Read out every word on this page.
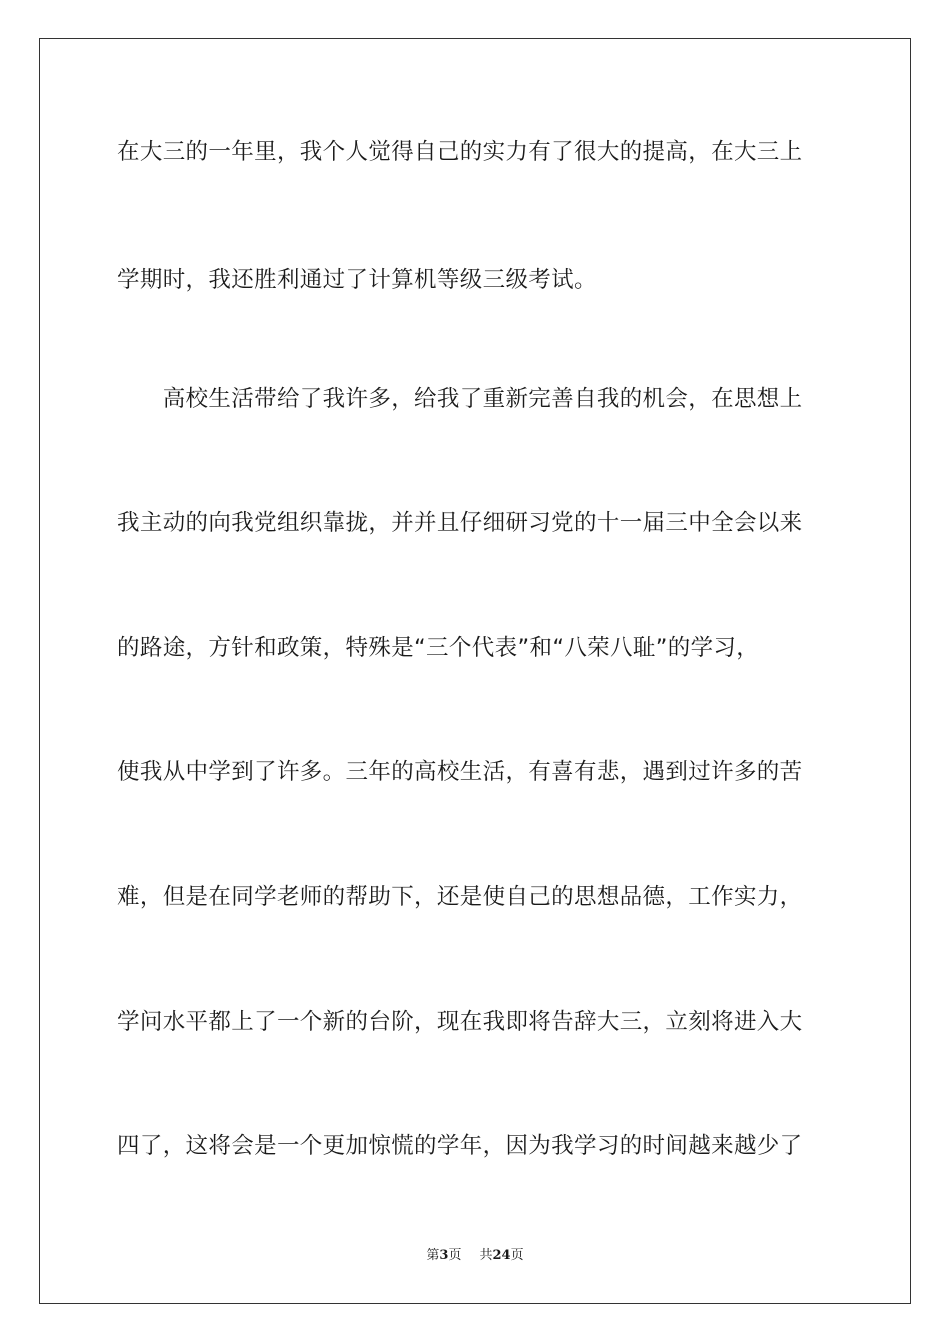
在大三的一年里，我个人觉得自己的实力有了很大的提高，在大三上
学期时，我还胜利通过了计算机等级三级考试。
　　高校生活带给了我许多，给我了重新完善自我的机会，在思想上
我主动的向我党组织靠拢，并并且仔细研习党的十一届三中全会以来
的路途，方针和政策，特殊是“三个代表”和“八荣八耻”的学习，
使我从中学到了许多。三年的高校生活，有喜有悲，遇到过许多的苦
难，但是在同学老师的帮助下，还是使自己的思想品德，工作实力，
学问水平都上了一个新的台阶，现在我即将告辞大三，立刻将进入大
四了，这将会是一个更加惊慌的学年，因为我学习的时间越来越少了
第3页 共24页
